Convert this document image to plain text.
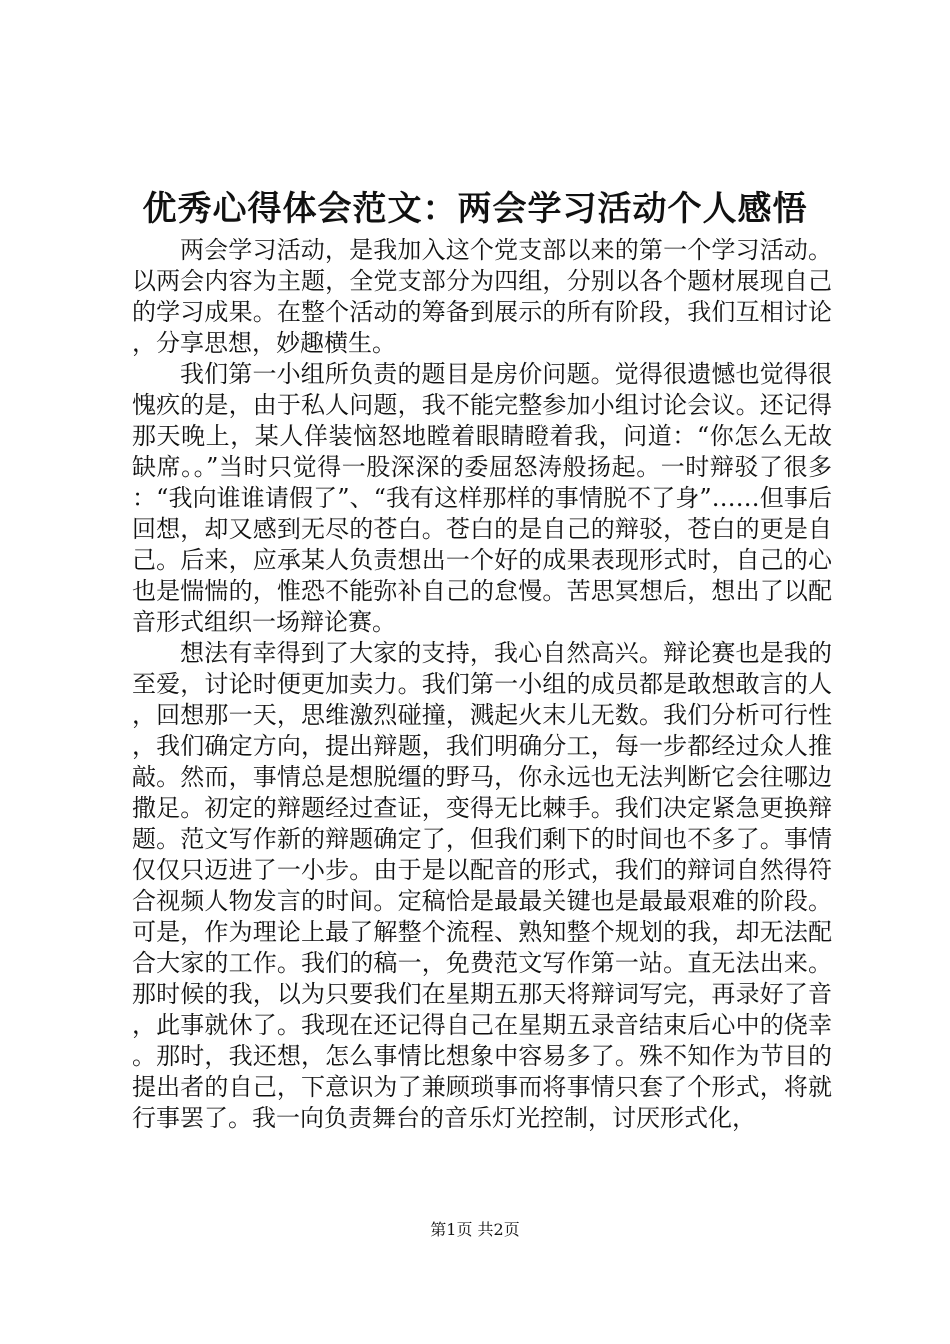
优秀心得体会范文：两会学习活动个人感悟

两会学习活动，是我加入这个党支部以来的第一个学习活动。以两会内容为主题，全党支部分为四组，分别以各个题材展现自己的学习成果。在整个活动的筹备到展示的所有阶段，我们互相讨论，分享思想，妙趣横生。

我们第一小组所负责的题目是房价问题。觉得很遗憾也觉得很愧疚的是，由于私人问题，我不能完整参加小组讨论会议。还记得那天晚上，某人佯装恼怒地瞠着眼睛瞪着我，问道：“你怎么无故缺席。。”当时只觉得一股深深的委屈怒涛般扬起。一时辩驳了很多：“我向谁谁请假了”、“我有这样那样的事情脱不了身”……但事后回想，却又感到无尽的苍白。苍白的是自己的辩驳，苍白的更是自己。后来，应承某人负责想出一个好的成果表现形式时，自己的心也是惴惴的，惟恐不能弥补自己的怠慢。苦思冥想后，想出了以配音形式组织一场辩论赛。

想法有幸得到了大家的支持，我心自然高兴。辩论赛也是我的至爱，讨论时便更加卖力。我们第一小组的成员都是敢想敢言的人，回想那一天，思维激烈碰撞，溅起火末儿无数。我们分析可行性，我们确定方向，提出辩题，我们明确分工，每一步都经过众人推敲。然而，事情总是想脱缰的野马，你永远也无法判断它会往哪边撒足。初定的辩题经过查证，变得无比棘手。我们决定紧急更换辩题。范文写作新的辩题确定了，但我们剩下的时间也不多了。事情仅仅只迈进了一小步。由于是以配音的形式，我们的辩词自然得符合视频人物发言的时间。定稿恰是最最关键也是最最艰难的阶段。可是，作为理论上最了解整个流程、熟知整个规划的我，却无法配合大家的工作。我们的稿一，免费范文写作第一站。直无法出来。那时候的我，以为只要我们在星期五那天将辩词写完，再录好了音，此事就休了。我现在还记得自己在星期五录音结束后心中的侥幸。那时，我还想，怎么事情比想象中容易多了。殊不知作为节目的提出者的自己，下意识为了兼顾琐事而将事情只套了个形式，将就行事罢了。我一向负责舞台的音乐灯光控制，讨厌形式化，

第1页 共2页
